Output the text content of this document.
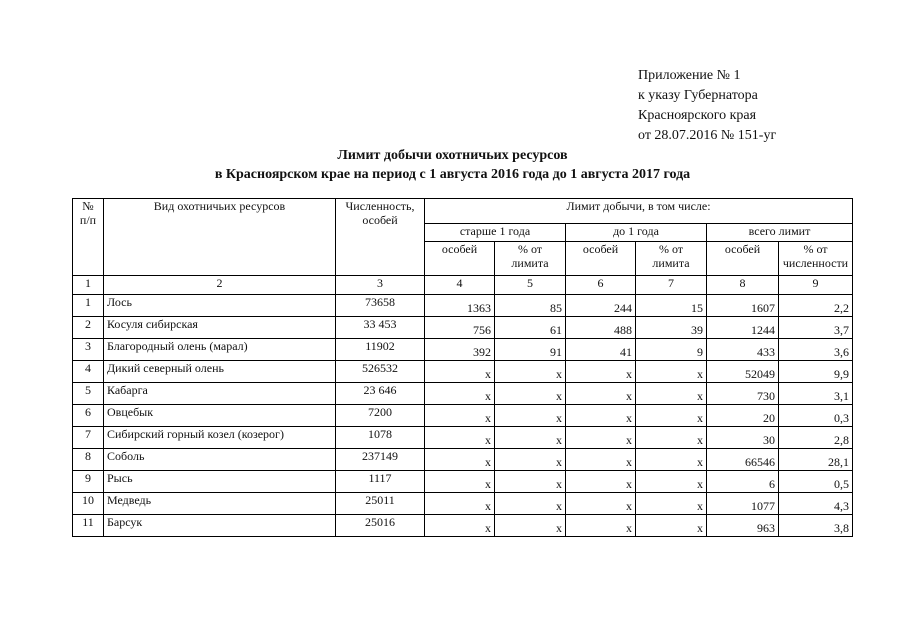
Приложение № 1
к указу Губернатора
Красноярского края
от 28.07.2016 № 151-уг
Лимит добычи охотничьих ресурсов
в Красноярском крае на период с 1 августа 2016 года до 1 августа 2017 года
№ п/п	Вид охотничьих ресурсов	Численность, особей	Лимит добычи, в том числе:					
			старше 1 года		до 1 года		всего лимит	
			особей	% от лимита	особей	% от лимита	особей	% от численности
1	2	3	4	5	6	7	8	9
1	Лось	73658	1363	85	244	15	1607	2,2
2	Косуля сибирская	33 453	756	61	488	39	1244	3,7
3	Благородный олень (марал)	11902	392	91	41	9	433	3,6
4	Дикий северный олень	526532	х	х	х	х	52049	9,9
5	Кабарга	23 646	х	х	х	х	730	3,1
6	Овцебык	7200	х	х	х	х	20	0,3
7	Сибирский горный козел (козерог)	1078	х	х	х	х	30	2,8
8	Соболь	237149	х	х	х	х	66546	28,1
9	Рысь	1117	х	х	х	х	6	0,5
10	Медведь	25011	х	х	х	х	1077	4,3
11	Барсук	25016	х	х	х	х	963	3,8
